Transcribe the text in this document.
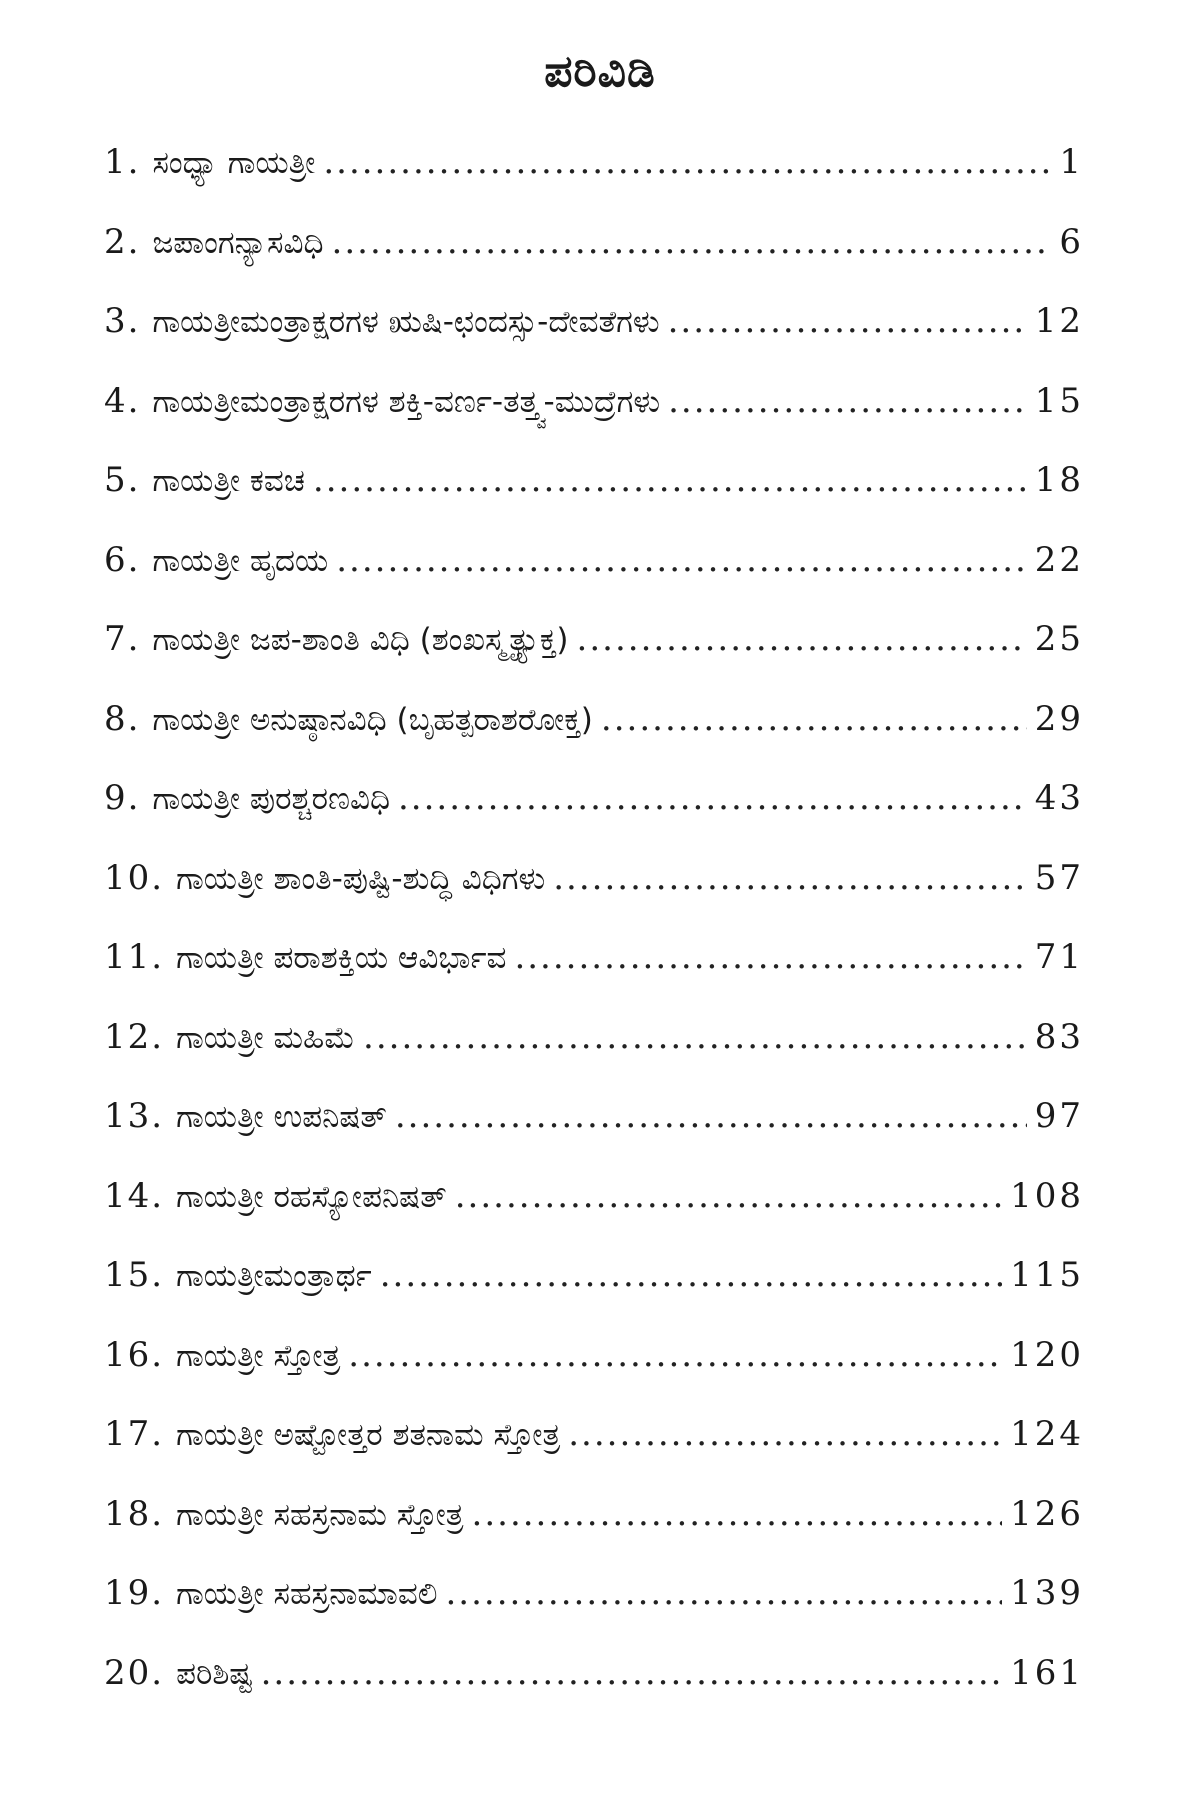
ಪರಿವಿಡಿ
1. ಸಂಧ್ಯಾ ಗಾಯತ್ರೀ .....	1
2. ಜಪಾಂಗನ್ಯಾಸವಿಧಿ .....	6
3. ಗಾಯತ್ರೀಮಂತ್ರಾಕ್ಷರಗಳ ಋಷಿ-ಛಂದಸ್ಸು-ದೇವತೆಗಳು .....	12
4. ಗಾಯತ್ರೀಮಂತ್ರಾಕ್ಷರಗಳ ಶಕ್ತಿ-ವರ್ಣ-ತತ್ತ್ವ-ಮುದ್ರೆಗಳು .....	15
5. ಗಾಯತ್ರೀ ಕವಚ .....	18
6. ಗಾಯತ್ರೀ ಹೃದಯ .....	22
7. ಗಾಯತ್ರೀ ಜಪ-ಶಾಂತಿ ವಿಧಿ (ಶಂಖಸ್ಮೃತ್ಯುಕ್ತ) .....	25
8. ಗಾಯತ್ರೀ ಅನುಷ್ಠಾನವಿಧಿ (ಬೃಹತ್ಪರಾಶರೋಕ್ತ) .....	29
9. ಗಾಯತ್ರೀ ಪುರಶ್ಚರಣವಿಧಿ .....	43
10. ಗಾಯತ್ರೀ ಶಾಂತಿ-ಪುಷ್ಟಿ-ಶುದ್ಧಿ ವಿಧಿಗಳು .....	57
11. ಗಾಯತ್ರೀ ಪರಾಶಕ್ತಿಯ ಆವಿರ್ಭಾವ .....	71
12. ಗಾಯತ್ರೀ ಮಹಿಮೆ .....	83
13. ಗಾಯತ್ರೀ ಉಪನಿಷತ್ .....	97
14. ಗಾಯತ್ರೀ ರಹಸ್ಯೋಪನಿಷತ್ .....	108
15. ಗಾಯತ್ರೀಮಂತ್ರಾರ್ಥ .....	115
16. ಗಾಯತ್ರೀ ಸ್ತೋತ್ರ .....	120
17. ಗಾಯತ್ರೀ ಅಷ್ಟೋತ್ತರ ಶತನಾಮ ಸ್ತೋತ್ರ .....	124
18. ಗಾಯತ್ರೀ ಸಹಸ್ರನಾಮ ಸ್ತೋತ್ರ .....	126
19. ಗಾಯತ್ರೀ ಸಹಸ್ರನಾಮಾವಲಿ .....	139
20. ಪರಿಶಿಷ್ಟ .....	161
